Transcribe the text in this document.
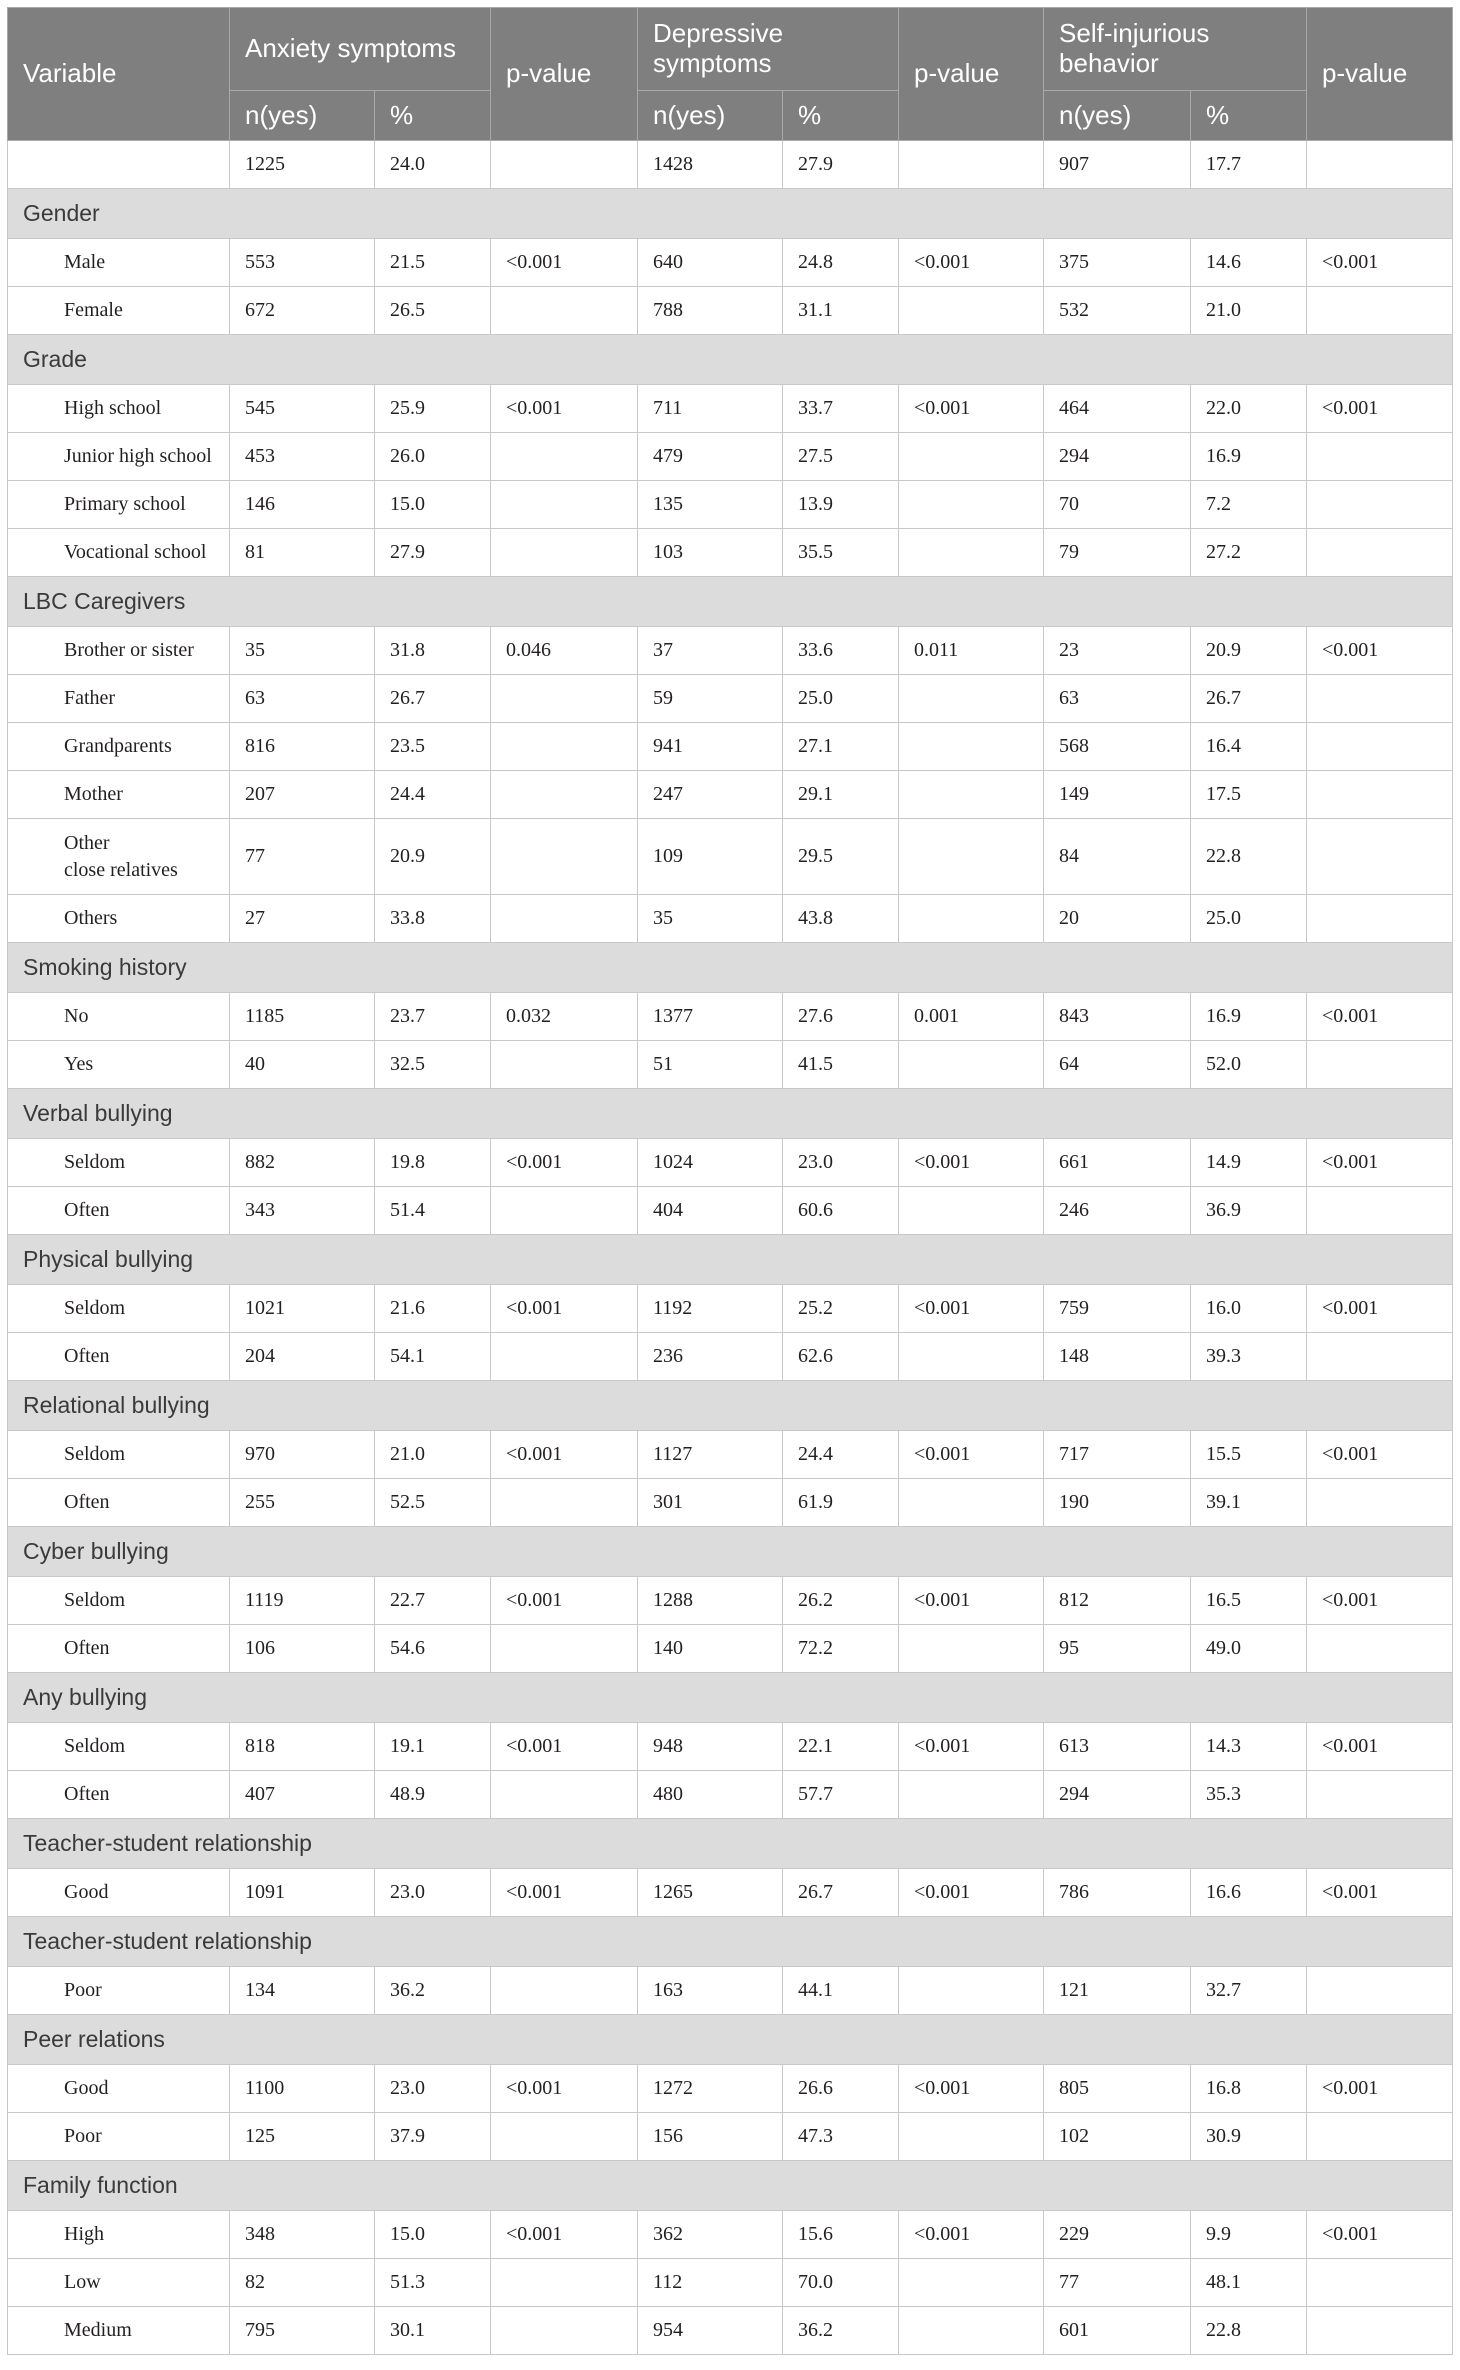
Variable	Anxiety symptoms		p-value	Depressive symptoms		p-value	Self-injurious behavior		p-value
	n(yes)	%		n(yes)	%		n(yes)	%	
	1225	24.0		1428	27.9		907	17.7	
Gender									
Male	553	21.5	<0.001	640	24.8	<0.001	375	14.6	<0.001
Female	672	26.5		788	31.1		532	21.0	
Grade									
High school	545	25.9	<0.001	711	33.7	<0.001	464	22.0	<0.001
Junior high school	453	26.0		479	27.5		294	16.9	
Primary school	146	15.0		135	13.9		70	7.2	
Vocational school	81	27.9		103	35.5		79	27.2	
LBC Caregivers									
Brother or sister	35	31.8	0.046	37	33.6	0.011	23	20.9	<0.001
Father	63	26.7		59	25.0		63	26.7	
Grandparents	816	23.5		941	27.1		568	16.4	
Mother	207	24.4		247	29.1		149	17.5	
Other
close relatives	77	20.9		109	29.5		84	22.8	
Others	27	33.8		35	43.8		20	25.0	
Smoking history									
No	1185	23.7	0.032	1377	27.6	0.001	843	16.9	<0.001
Yes	40	32.5		51	41.5		64	52.0	
Verbal bullying									
Seldom	882	19.8	<0.001	1024	23.0	<0.001	661	14.9	<0.001
Often	343	51.4		404	60.6		246	36.9	
Physical bullying									
Seldom	1021	21.6	<0.001	1192	25.2	<0.001	759	16.0	<0.001
Often	204	54.1		236	62.6		148	39.3	
Relational bullying									
Seldom	970	21.0	<0.001	1127	24.4	<0.001	717	15.5	<0.001
Often	255	52.5		301	61.9		190	39.1	
Cyber bullying									
Seldom	1119	22.7	<0.001	1288	26.2	<0.001	812	16.5	<0.001
Often	106	54.6		140	72.2		95	49.0	
Any bullying									
Seldom	818	19.1	<0.001	948	22.1	<0.001	613	14.3	<0.001
Often	407	48.9		480	57.7		294	35.3	
Teacher-student relationship									
Good	1091	23.0	<0.001	1265	26.7	<0.001	786	16.6	<0.001
Teacher-student relationship									
Poor	134	36.2		163	44.1		121	32.7	
Peer relations									
Good	1100	23.0	<0.001	1272	26.6	<0.001	805	16.8	<0.001
Poor	125	37.9		156	47.3		102	30.9	
Family function									
High	348	15.0	<0.001	362	15.6	<0.001	229	9.9	<0.001
Low	82	51.3		112	70.0		77	48.1	
Medium	795	30.1		954	36.2		601	22.8	
